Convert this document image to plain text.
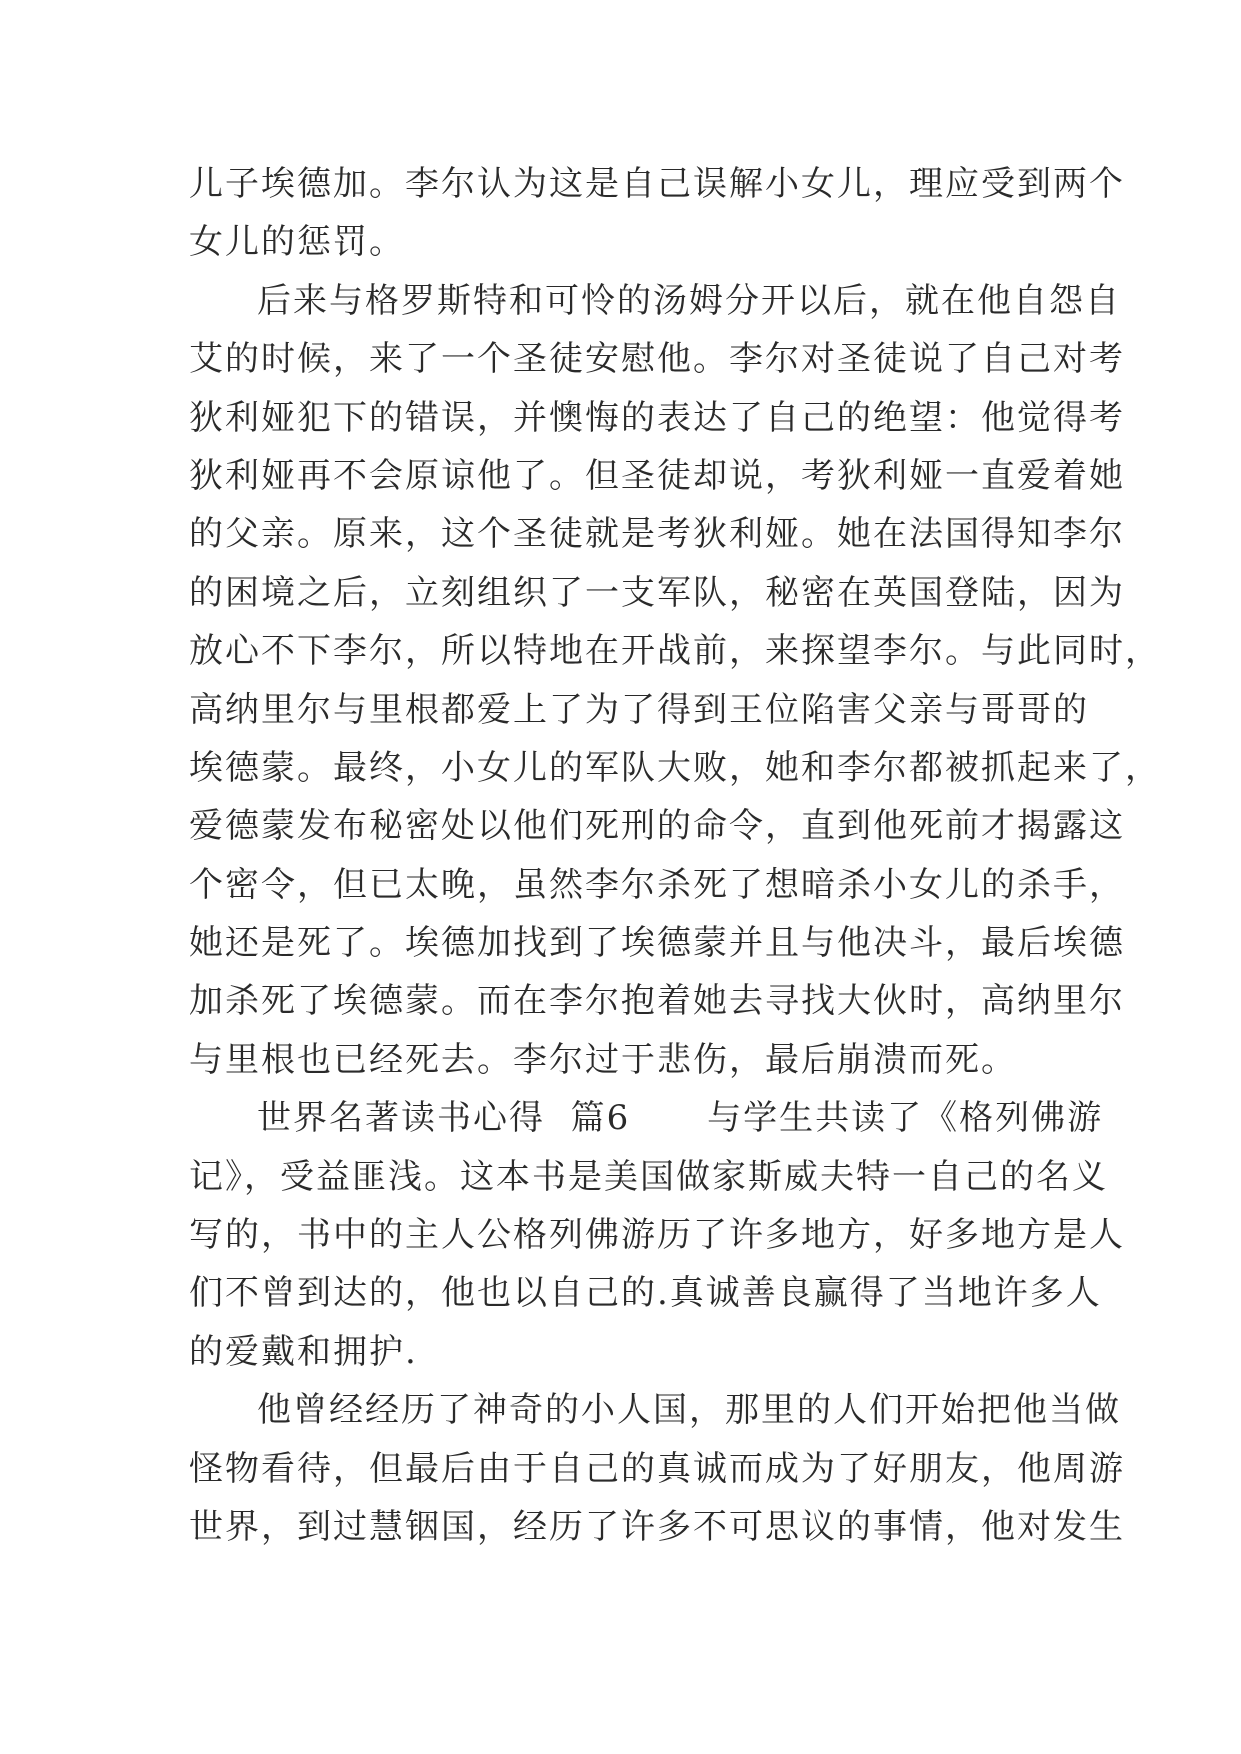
儿子埃德加。李尔认为这是自己误解小女儿，理应受到两个
女儿的惩罚。
后来与格罗斯特和可怜的汤姆分开以后，就在他自怨自
艾的时候，来了一个圣徒安慰他。李尔对圣徒说了自己对考
狄利娅犯下的错误，并懊悔的表达了自己的绝望：他觉得考
狄利娅再不会原谅他了。但圣徒却说，考狄利娅一直爱着她
的父亲。原来，这个圣徒就是考狄利娅。她在法国得知李尔
的困境之后，立刻组织了一支军队，秘密在英国登陆，因为
放心不下李尔，所以特地在开战前，来探望李尔。与此同时，
高纳里尔与里根都爱上了为了得到王位陷害父亲与哥哥的
埃德蒙。最终，小女儿的军队大败，她和李尔都被抓起来了，
爱德蒙发布秘密处以他们死刑的命令，直到他死前才揭露这
个密令，但已太晚，虽然李尔杀死了想暗杀小女儿的杀手，
她还是死了。埃德加找到了埃德蒙并且与他决斗，最后埃德
加杀死了埃德蒙。而在李尔抱着她去寻找大伙时，高纳里尔
与里根也已经死去。李尔过于悲伤，最后崩溃而死。
世界名著读书心得  篇6      与学生共读了《格列佛游
记》，受益匪浅。这本书是美国做家斯威夫特一自己的名义
写的，书中的主人公格列佛游历了许多地方，好多地方是人
们不曾到达的，他也以自己的.真诚善良赢得了当地许多人
的爱戴和拥护.
他曾经经历了神奇的小人国，那里的人们开始把他当做
怪物看待，但最后由于自己的真诚而成为了好朋友，他周游
世界，到过慧铟国，经历了许多不可思议的事情，他对发生
